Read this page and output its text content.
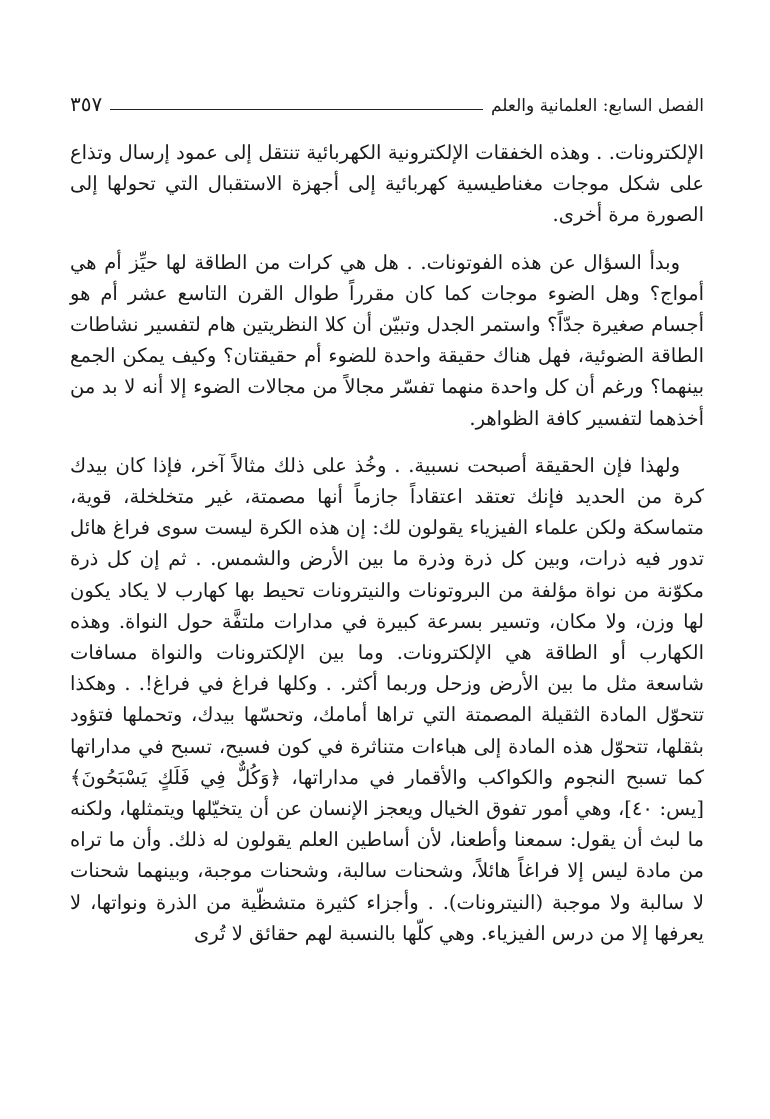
الفصل السابع: العلمانية والعلم
٣٥٧

الإلكترونات. . وهذه الخفقات الإلكترونية الكهربائية تنتقل إلى عمود إرسال وتذاع على شكل موجات مغناطيسية كهربائية إلى أجهزة الاستقبال التي تحولها إلى الصورة مرة أخرى.

وبدأ السؤال عن هذه الفوتونات. . هل هي كرات من الطاقة لها حيِّز أم هي أمواج؟ وهل الضوء موجات كما كان مقرراً طوال القرن التاسع عشر أم هو أجسام صغيرة جدّاً؟ واستمر الجدل وتبيّن أن كلا النظريتين هام لتفسير نشاطات الطاقة الضوئية، فهل هناك حقيقة واحدة للضوء أم حقيقتان؟ وكيف يمكن الجمع بينهما؟ ورغم أن كل واحدة منهما تفسّر مجالاً من مجالات الضوء إلا أنه لا بد من أخذهما لتفسير كافة الظواهر.

ولهذا فإن الحقيقة أصبحت نسبية. . وخُذ على ذلك مثالاً آخر، فإذا كان بيدك كرة من الحديد فإنك تعتقد اعتقاداً جازماً أنها مصمتة، غير متخلخلة، قوية، متماسكة ولكن علماء الفيزياء يقولون لك: إن هذه الكرة ليست سوى فراغ هائل تدور فيه ذرات، وبين كل ذرة وذرة ما بين الأرض والشمس. . ثم إن كل ذرة مكوّنة من نواة مؤلفة من البروتونات والنيترونات تحيط بها كهارب لا يكاد يكون لها وزن، ولا مكان، وتسير بسرعة كبيرة في مدارات ملتفَّة حول النواة. وهذه الكهارب أو الطاقة هي الإلكترونات. وما بين الإلكترونات والنواة مسافات شاسعة مثل ما بين الأرض وزحل وربما أكثر. . وكلها فراغ في فراغ!. . وهكذا تتحوّل المادة الثقيلة المصمتة التي تراها أمامك، وتحسّها بيدك، وتحملها فتؤود بثقلها، تتحوّل هذه المادة إلى هباءات متناثرة في كون فسيح، تسبح في مداراتها كما تسبح النجوم والكواكب والأقمار في مداراتها، ﴿وَكُلٌّ فِي فَلَكٍ يَسْبَحُونَ﴾ [يس: ٤٠]، وهي أمور تفوق الخيال ويعجز الإنسان عن أن يتخيّلها ويتمثلها، ولكنه ما لبث أن يقول: سمعنا وأطعنا، لأن أساطين العلم يقولون له ذلك. وأن ما تراه من مادة ليس إلا فراغاً هائلاً، وشحنات سالبة، وشحنات موجبة، وبينهما شحنات لا سالبة ولا موجبة (النيترونات). . وأجزاء كثيرة متشظّية من الذرة ونواتها، لا يعرفها إلا من درس الفيزياء. وهي كلّها بالنسبة لهم حقائق لا تُرى
